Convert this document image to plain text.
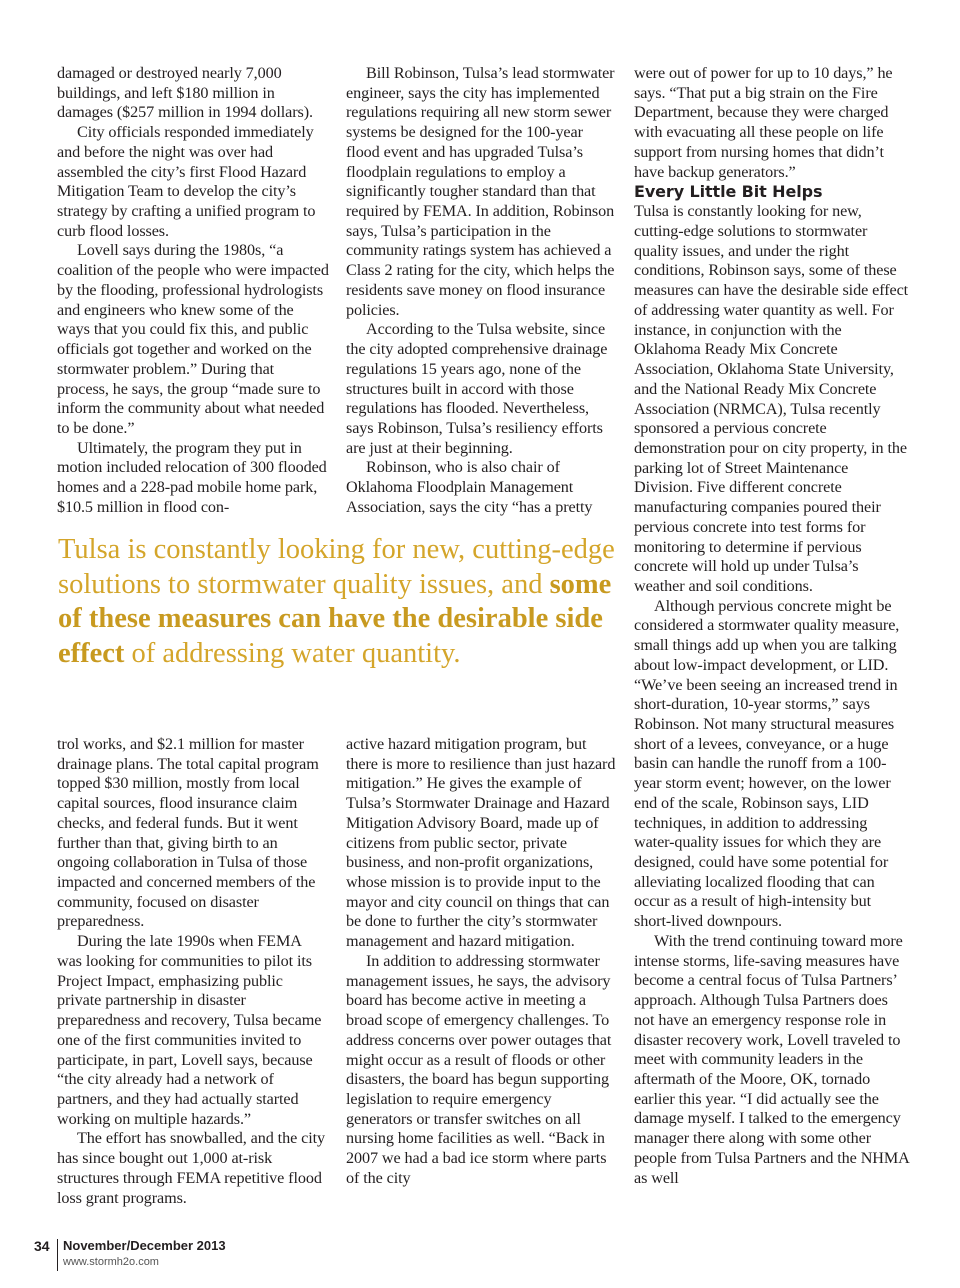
damaged or destroyed nearly 7,000 buildings, and left $180 million in damages ($257 million in 1994 dollars).

City officials responded immediately and before the night was over had assembled the city’s first Flood Hazard Mitigation Team to develop the city’s strategy by crafting a unified program to curb flood losses.

Lovell says during the 1980s, “a coalition of the people who were impacted by the flooding, professional hydrologists and engineers who knew some of the ways that you could fix this, and public officials got together and worked on the stormwater problem.” During that process, he says, the group “made sure to inform the community about what needed to be done.”

Ultimately, the program they put in motion included relocation of 300 flooded homes and a 228-pad mobile home park, $10.5 million in flood con-

Bill Robinson, Tulsa’s lead stormwater engineer, says the city has implemented regulations requiring all new storm sewer systems be designed for the 100-year flood event and has upgraded Tulsa’s floodplain regulations to employ a significantly tougher standard than that required by FEMA. In addition, Robinson says, Tulsa’s participation in the community ratings system has achieved a Class 2 rating for the city, which helps the residents save money on flood insurance policies.

According to the Tulsa website, since the city adopted comprehensive drainage regulations 15 years ago, none of the structures built in accord with those regulations has flooded. Nevertheless, says Robinson, Tulsa’s resiliency efforts are just at their beginning.

Robinson, who is also chair of Oklahoma Floodplain Management Association, says the city “has a pretty

were out of power for up to 10 days,” he says. “That put a big strain on the Fire Department, because they were charged with evacuating all these people on life support from nursing homes that didn’t have backup generators.”

Every Little Bit Helps

Tulsa is constantly looking for new, cutting-edge solutions to stormwater quality issues, and under the right conditions, Robinson says, some of these measures can have the desirable side effect of addressing water quantity as well. For instance, in conjunction with the Oklahoma Ready Mix Concrete Association, Oklahoma State University, and the National Ready Mix Concrete Association (NRMCA), Tulsa recently sponsored a pervious concrete demonstration pour on city property, in the parking lot of Street Maintenance Division. Five different concrete manufacturing companies poured their pervious concrete into test forms for monitoring to determine if pervious concrete will hold up under Tulsa’s weather and soil conditions.

Although pervious concrete might be considered a stormwater quality measure, small things add up when you are talking about low-impact development, or LID. “We’ve been seeing an increased trend in short-duration, 10-year storms,” says Robinson. Not many structural measures short of a levees, conveyance, or a huge basin can handle the runoff from a 100-year storm event; however, on the lower end of the scale, Robinson says, LID techniques, in addition to addressing water-quality issues for which they are designed, could have some potential for alleviating localized flooding that can occur as a result of high-intensity but short-lived downpours.

With the trend continuing toward more intense storms, life-saving measures have become a central focus of Tulsa Partners’ approach. Although Tulsa Partners does not have an emergency response role in disaster recovery work, Lovell traveled to meet with community leaders in the aftermath of the Moore, OK, tornado earlier this year. “I did actually see the damage myself. I talked to the emergency manager there along with some other people from Tulsa Partners and the NHMA as well

Tulsa is constantly looking for new, cutting-edge solutions to stormwater quality issues, and some of these measures can have the desirable side effect of addressing water quantity.

trol works, and $2.1 million for master drainage plans. The total capital program topped $30 million, mostly from local capital sources, flood insurance claim checks, and federal funds. But it went further than that, giving birth to an ongoing collaboration in Tulsa of those impacted and concerned members of the community, focused on disaster preparedness.

During the late 1990s when FEMA was looking for communities to pilot its Project Impact, emphasizing public private partnership in disaster preparedness and recovery, Tulsa became one of the first communities invited to participate, in part, Lovell says, because “the city already had a network of partners, and they had actually started working on multiple hazards.”

The effort has snowballed, and the city has since bought out 1,000 at-risk structures through FEMA repetitive flood loss grant programs.

active hazard mitigation program, but there is more to resilience than just hazard mitigation.” He gives the example of Tulsa’s Stormwater Drainage and Hazard Mitigation Advisory Board, made up of citizens from public sector, private business, and non-profit organizations, whose mission is to provide input to the mayor and city council on things that can be done to further the city’s stormwater management and hazard mitigation.

In addition to addressing stormwater management issues, he says, the advisory board has become active in meeting a broad scope of emergency challenges. To address concerns over power outages that might occur as a result of floods or other disasters, the board has begun supporting legislation to require emergency generators or transfer switches on all nursing home facilities as well. “Back in 2007 we had a bad ice storm where parts of the city

34 November/December 2013
www.stormh2o.com
